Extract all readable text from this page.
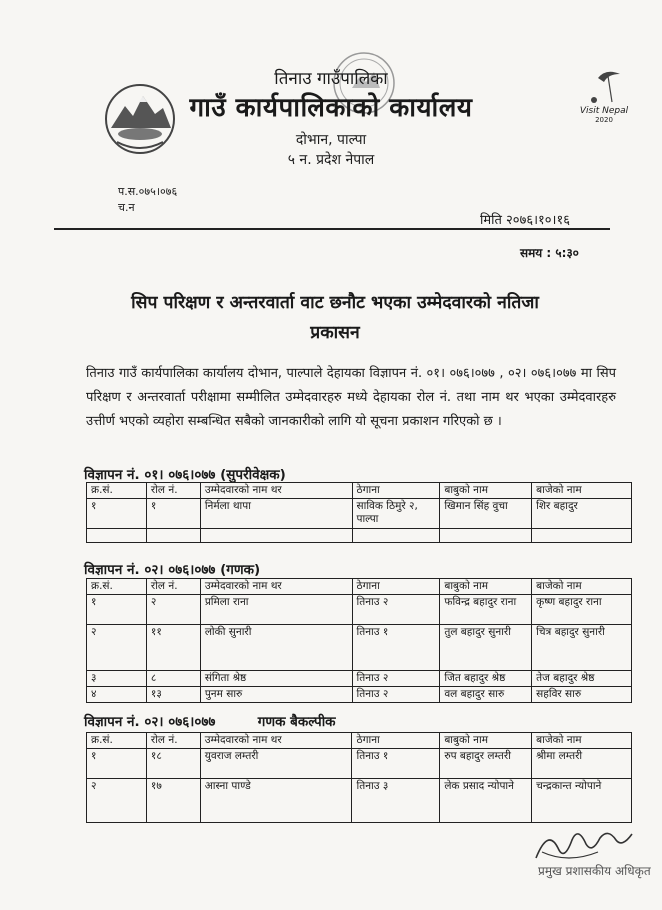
Visit Nepal
2020
तिनाउ गाउँपालिका
गाउँ कार्यपालिकाको कार्यालय
दोभान, पाल्पा
५ न. प्रदेश नेपाल
प.स.०७५।०७६
च.न
मिति २०७६।१०।१६
समय : ५:३०
सिप परिक्षण र अन्तरवार्ता वाट छनौट भएका उम्मेदवारको नतिजा
प्रकासन
तिनाउ गाउँ कार्यपालिका कार्यालय दोभान, पाल्पाले देहायका विज्ञापन नं. ०१। ०७६।०७७ , ०२। ०७६।०७७ मा सिप परिक्षण र अन्तरवार्ता परीक्षामा सम्मीलित उम्मेदवारहरु मध्ये देहायका रोल नं. तथा नाम थर भएका उम्मेदवारहरु उत्तीर्ण भएको व्यहोरा सम्बन्धित सबैको जानकारीको लागि यो सूचना प्रकाशन गरिएको छ ।
विज्ञापन नं. ०१। ०७६।०७७ (सुपरीवेक्षक)
क्र.सं.	रोल नं.	उम्मेदवारको नाम थर	ठेगाना	बाबुको नाम	बाजेको नाम
१	१	निर्मला थापा	साविक ठिमुरे २, पाल्पा	खिमान सिंह वुचा	शिर बहादुर

विज्ञापन नं. ०२। ०७६।०७७ (गणक)
क्र.सं.	रोल नं.	उम्मेदवारको नाम थर	ठेगाना	बाबुको नाम	बाजेको नाम
१	२	प्रमिला राना	तिनाउ २	फविन्द्र बहादुर राना	कृष्ण बहादुर राना
२	११	लोकी सुनारी	तिनाउ १	तुल बहादुर सुनारी	चित्र बहादुर सुनारी
३	८	संगिता श्रेष्ठ	तिनाउ २	जित बहादुर श्रेष्ठ	तेज बहादुर श्रेष्ठ
४	१३	पुनम सारु	तिनाउ २	वल बहादुर सारु	सहविर सारु
विज्ञापन नं. ०२। ०७६।०७७         गणक बैकल्पीक
क्र.सं.	रोल नं.	उम्मेदवारको नाम थर	ठेगाना	बाबुको नाम	बाजेको नाम
१	१८	युवराज लम्तरी	तिनाउ १	रुप बहादुर लम्तरी	श्रीमा लम्तरी
२	१७	आस्ना पाण्डे	तिनाउ ३	लेक प्रसाद न्योपाने	चन्द्रकान्त न्योपाने
प्रमुख प्रशासकीय अधिकृत
